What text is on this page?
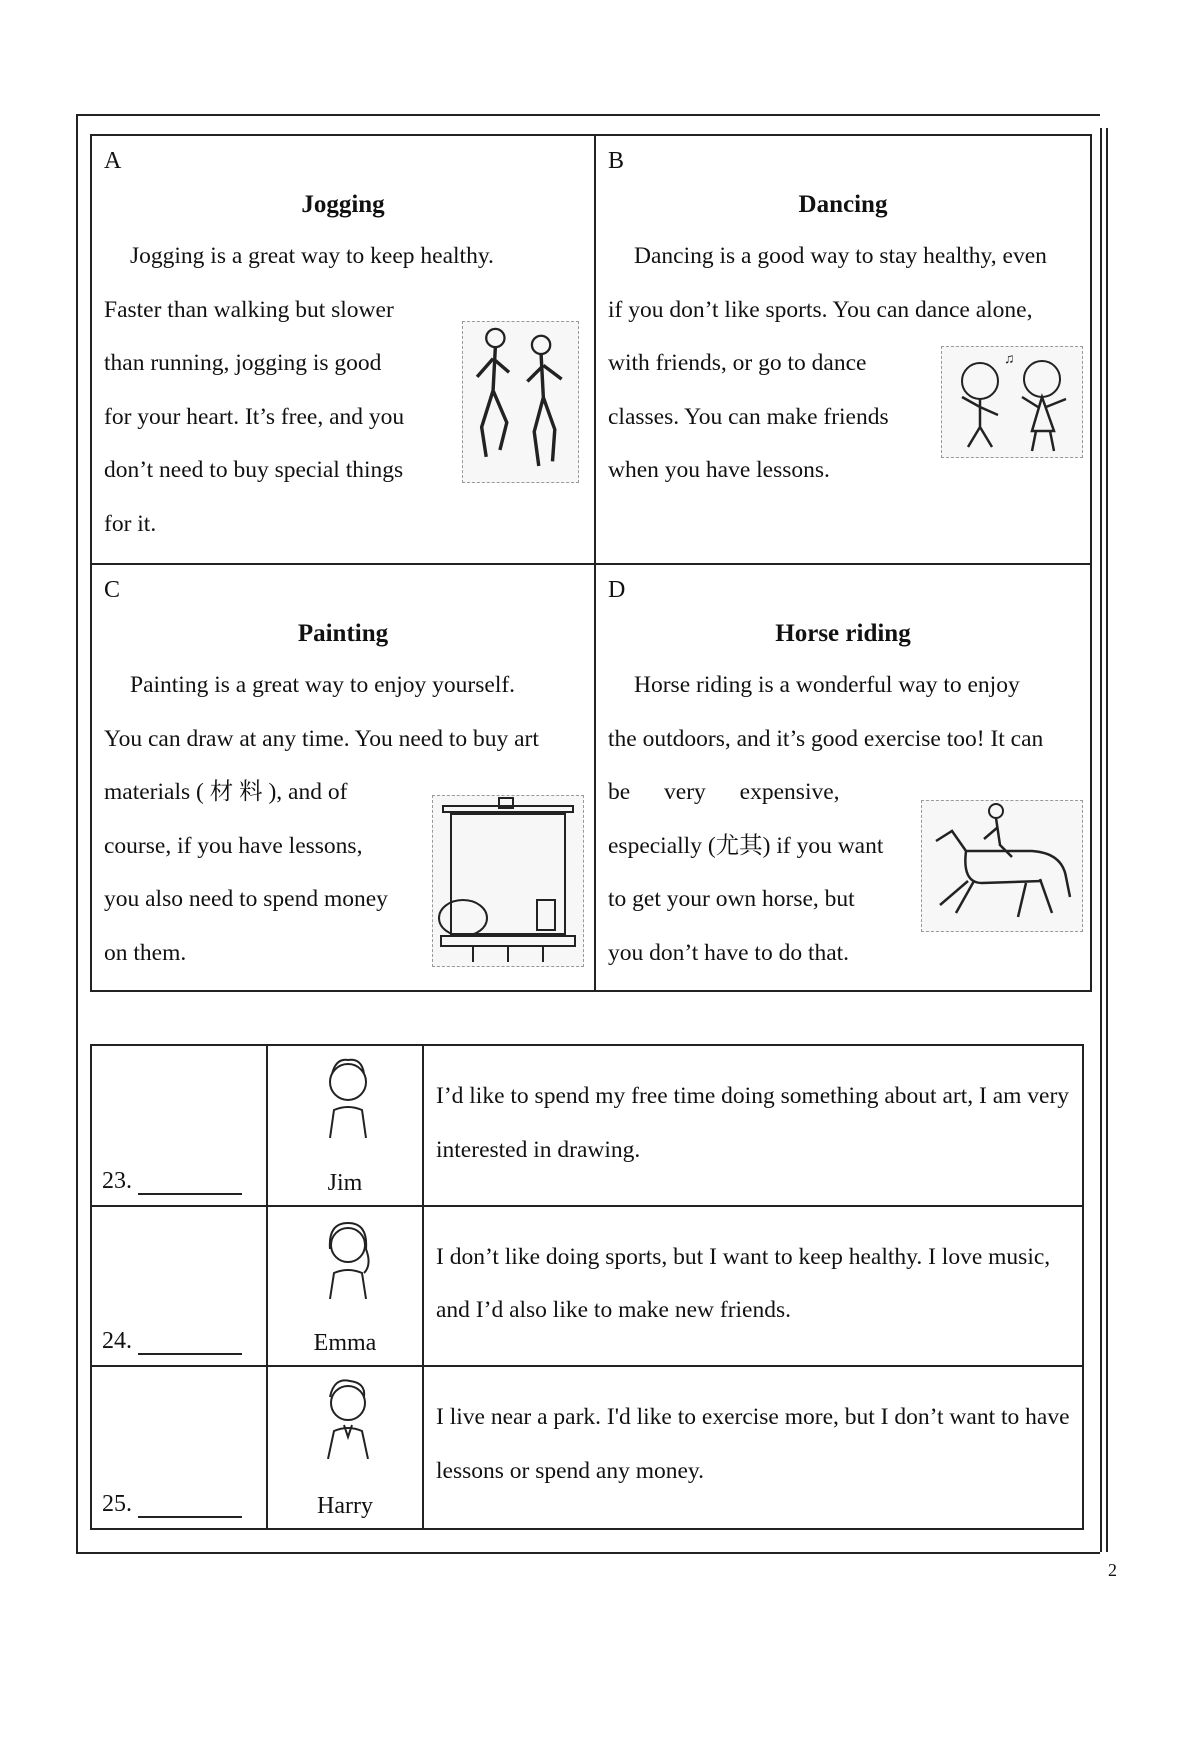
2
A
Jogging
Jogging is a great way to keep healthy.
Faster than walking but slower
than running, jogging is good
for your heart. It’s free, and you
don’t need to buy special things
for it.
B
Dancing
Dancing is a good way to stay healthy, even
if you don’t like sports. You can dance alone,
with friends, or go to dance
classes. You can make friends
when you have lessons.
♫
C
Painting
Painting is a great way to enjoy yourself.
You can draw at any time. You need to buy art
materials ( 材 料 ), and of
course, if you have lessons,
you also need to spend money
on them.
D
Horse riding
Horse riding is a wonderful way to enjoy
the outdoors, and it’s good exercise too! It can
be very expensive,
especially (尤其) if you want
to get your own horse, but
you don’t have to do that.
23.	Jim
I’d like to spend my free time doing something about art, I am very interested in drawing.
24.	Emma
I don’t like doing sports, but I want to keep healthy. I love music, and I’d also like to make new friends.
25.	Harry
I live near a park. I'd like to exercise more, but I don’t want to have lessons or spend any money.
